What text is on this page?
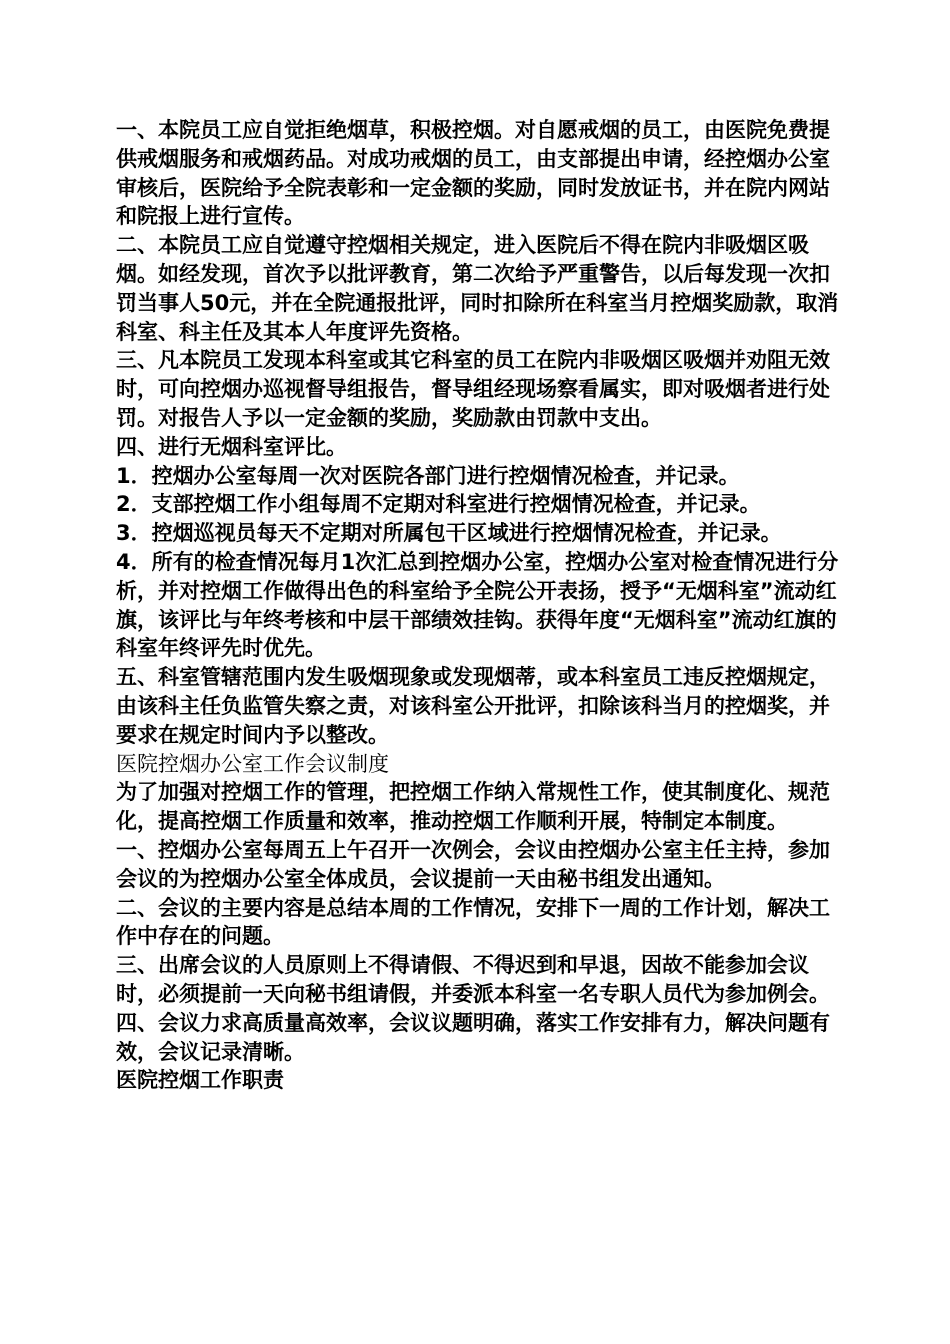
一、本院员工应自觉拒绝烟草，积极控烟。对自愿戒烟的员工，由医院免费提供戒烟服务和戒烟药品。对成功戒烟的员工，由支部提出申请，经控烟办公室审核后，医院给予全院表彰和一定金额的奖励，同时发放证书，并在院内网站和院报上进行宣传。

二、本院员工应自觉遵守控烟相关规定，进入医院后不得在院内非吸烟区吸烟。如经发现，首次予以批评教育，第二次给予严重警告，以后每发现一次扣罚当事人50元，并在全院通报批评，同时扣除所在科室当月控烟奖励款，取消科室、科主任及其本人年度评先资格。

三、凡本院员工发现本科室或其它科室的员工在院内非吸烟区吸烟并劝阻无效时，可向控烟办巡视督导组报告，督导组经现场察看属实，即对吸烟者进行处罚。对报告人予以一定金额的奖励，奖励款由罚款中支出。

四、进行无烟科室评比。

1．控烟办公室每周一次对医院各部门进行控烟情况检查，并记录。

2．支部控烟工作小组每周不定期对科室进行控烟情况检查，并记录。

3．控烟巡视员每天不定期对所属包干区域进行控烟情况检查，并记录。

4．所有的检查情况每月1次汇总到控烟办公室，控烟办公室对检查情况进行分析，并对控烟工作做得出色的科室给予全院公开表扬，授予“无烟科室”流动红旗，该评比与年终考核和中层干部绩效挂钩。获得年度“无烟科室”流动红旗的科室年终评先时优先。

五、科室管辖范围内发生吸烟现象或发现烟蒂，或本科室员工违反控烟规定，由该科主任负监管失察之责，对该科室公开批评，扣除该科当月的控烟奖，并要求在规定时间内予以整改。

医院控烟办公室工作会议制度

为了加强对控烟工作的管理，把控烟工作纳入常规性工作，使其制度化、规范化，提高控烟工作质量和效率，推动控烟工作顺利开展，特制定本制度。

一、控烟办公室每周五上午召开一次例会，会议由控烟办公室主任主持，参加会议的为控烟办公室全体成员，会议提前一天由秘书组发出通知。

二、会议的主要内容是总结本周的工作情况，安排下一周的工作计划，解决工作中存在的问题。

三、出席会议的人员原则上不得请假、不得迟到和早退，因故不能参加会议时，必须提前一天向秘书组请假，并委派本科室一名专职人员代为参加例会。

四、会议力求高质量高效率，会议议题明确，落实工作安排有力，解决问题有效，会议记录清晰。

医院控烟工作职责
